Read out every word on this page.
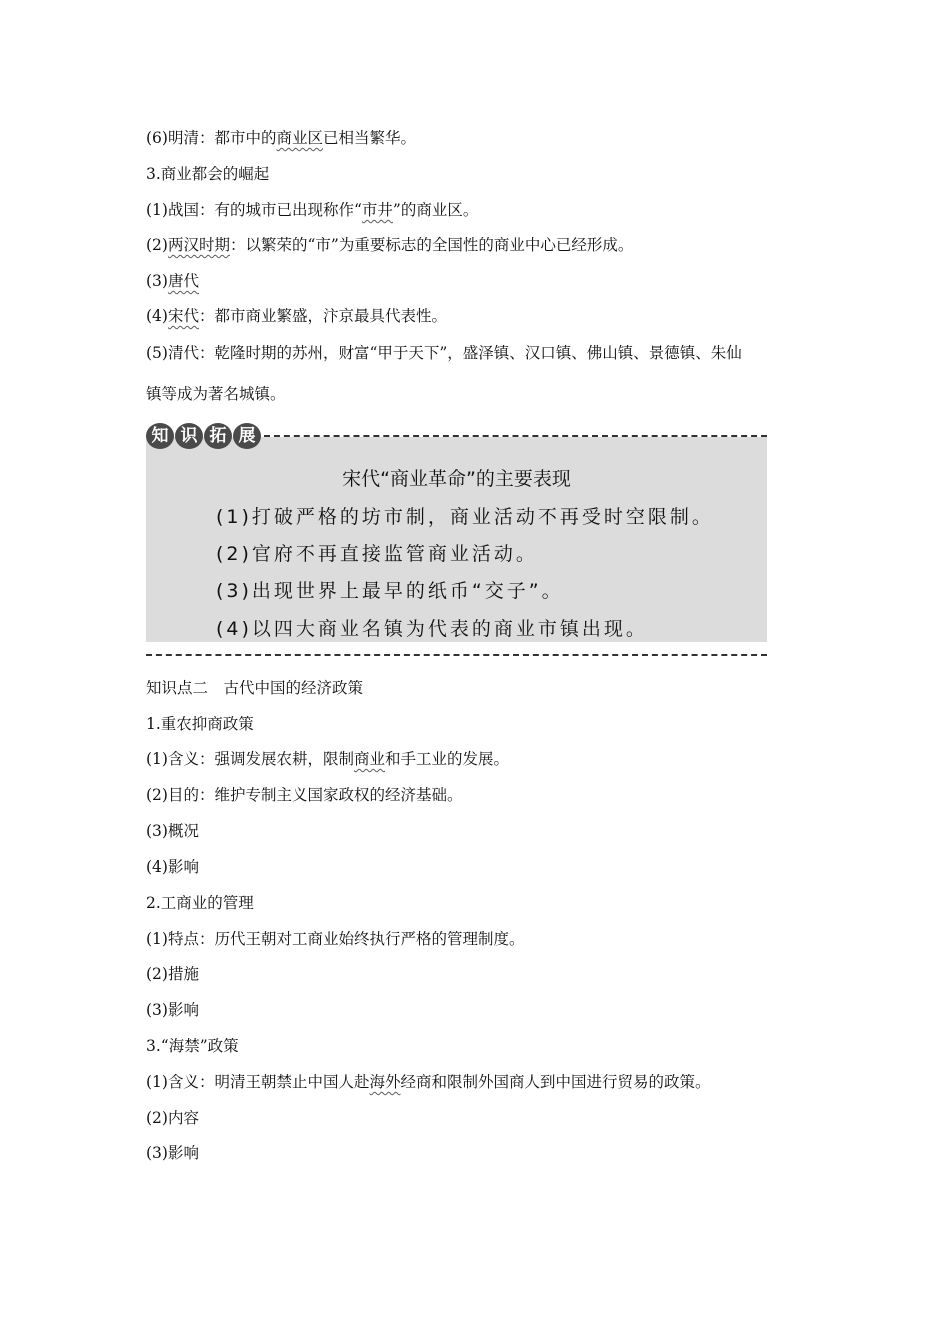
(6)明清：都市中的商业区已相当繁华。
3.商业都会的崛起
(1)战国：有的城市已出现称作“市井”的商业区。
(2)两汉时期：以繁荣的“市”为重要标志的全国性的商业中心已经形成。
(3)唐代
(4)宋代：都市商业繁盛，汴京最具代表性。
(5)清代：乾隆时期的苏州，财富“甲于天下”，盛泽镇、汉口镇、佛山镇、景德镇、朱仙
镇等成为著名城镇。
知 识 拓 展
宋代“商业革命”的主要表现
(1)打破严格的坊市制，商业活动不再受时空限制。
(2)官府不再直接监管商业活动。
(3)出现世界上最早的纸币“交子”。
(4)以四大商业名镇为代表的商业市镇出现。
知识点二　古代中国的经济政策
1.重农抑商政策
(1)含义：强调发展农耕，限制商业和手工业的发展。
(2)目的：维护专制主义国家政权的经济基础。
(3)概况
(4)影响
2.工商业的管理
(1)特点：历代王朝对工商业始终执行严格的管理制度。
(2)措施
(3)影响
3.“海禁”政策
(1)含义：明清王朝禁止中国人赴海外经商和限制外国商人到中国进行贸易的政策。
(2)内容
(3)影响
